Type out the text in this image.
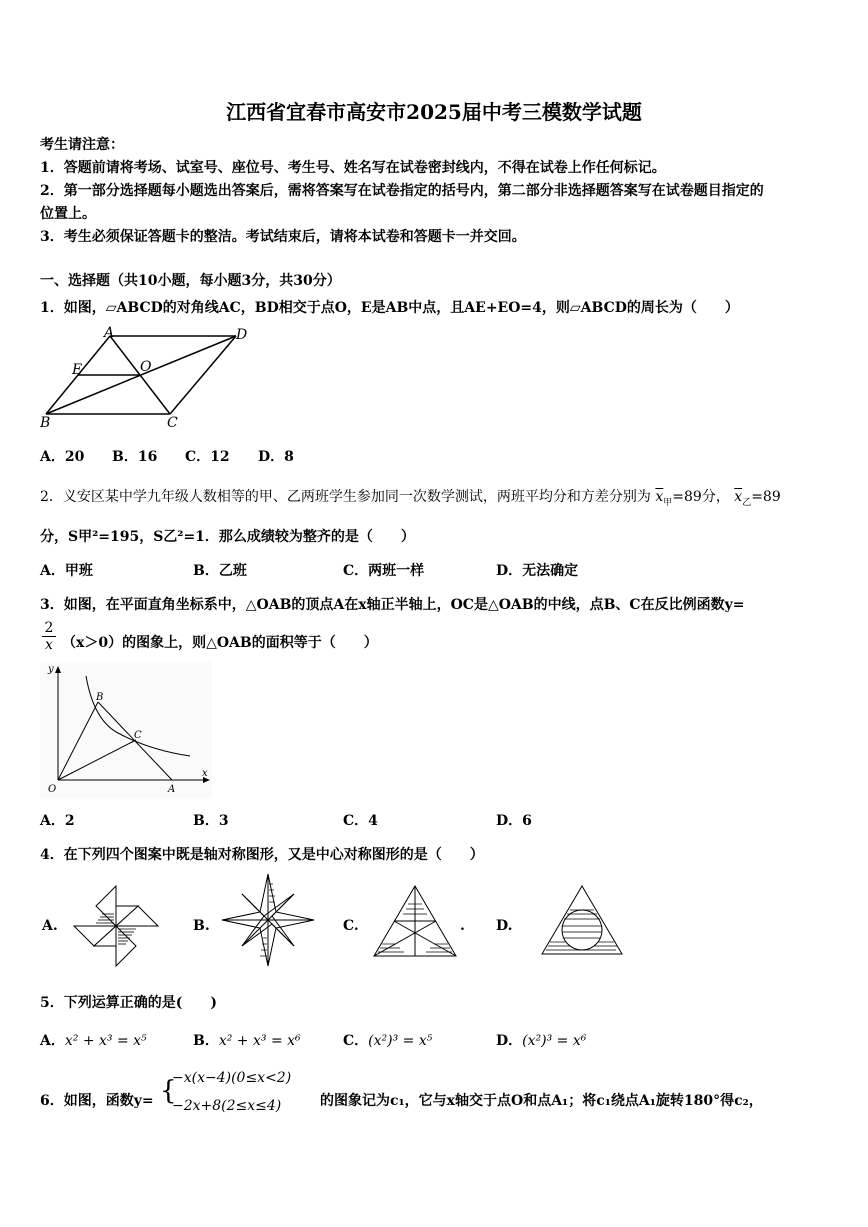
江西省宜春市高安市2025届中考三模数学试题
考生请注意：
1．答题前请将考场、试室号、座位号、考生号、姓名写在试卷密封线内，不得在试卷上作任何标记。
2．第一部分选择题每小题选出答案后，需将答案写在试卷指定的括号内，第二部分非选择题答案写在试卷题目指定的
位置上。
3．考生必须保证答题卡的整洁。考试结束后，请将本试卷和答题卡一并交回。
一、选择题（共10小题，每小题3分，共30分）
1．如图，▱ABCD的对角线AC，BD相交于点O，E是AB中点，且AE+EO=4，则▱ABCD的周长为（　　）
A	D
E	O
B	C
A．20 B．16 C．12 D．8
2．义安区某中学九年级人数相等的甲、乙两班学生参加同一次数学测试，两班平均分和方差分别为 $\overline{x}_甲=89$分， $\overline{x}_乙=89$
分，S甲²=195，S乙²=1．那么成绩较为整齐的是（　　）
A．甲班	B．乙班	C．两班一样	D．无法确定
3．如图，在平面直角坐标系中，△OAB的顶点A在x轴正半轴上，OC是△OAB的中线，点B、C在反比例函数y=
2
x （x＞0）的图象上，则△OAB的面积等于（　　）
y
x
O	A
B
C
A．2	B．3	C．4	D．6
4．在下列四个图案中既是轴对称图形，又是中心对称图形的是（　　）
A.	B.	C.	. D.
5．下列运算正确的是(　　)
A．x² + x³ = x⁵	B．x² + x³ = x⁶	C．(x²)³ = x⁵	D．(x²)³ = x⁶
6．如图，函数y= {
−x(x−4)(0≤x<2)
−2x+8(2≤x≤4)	的图象记为c₁，它与x轴交于点O和点A₁；将c₁绕点A₁旋转180°得c₂，
